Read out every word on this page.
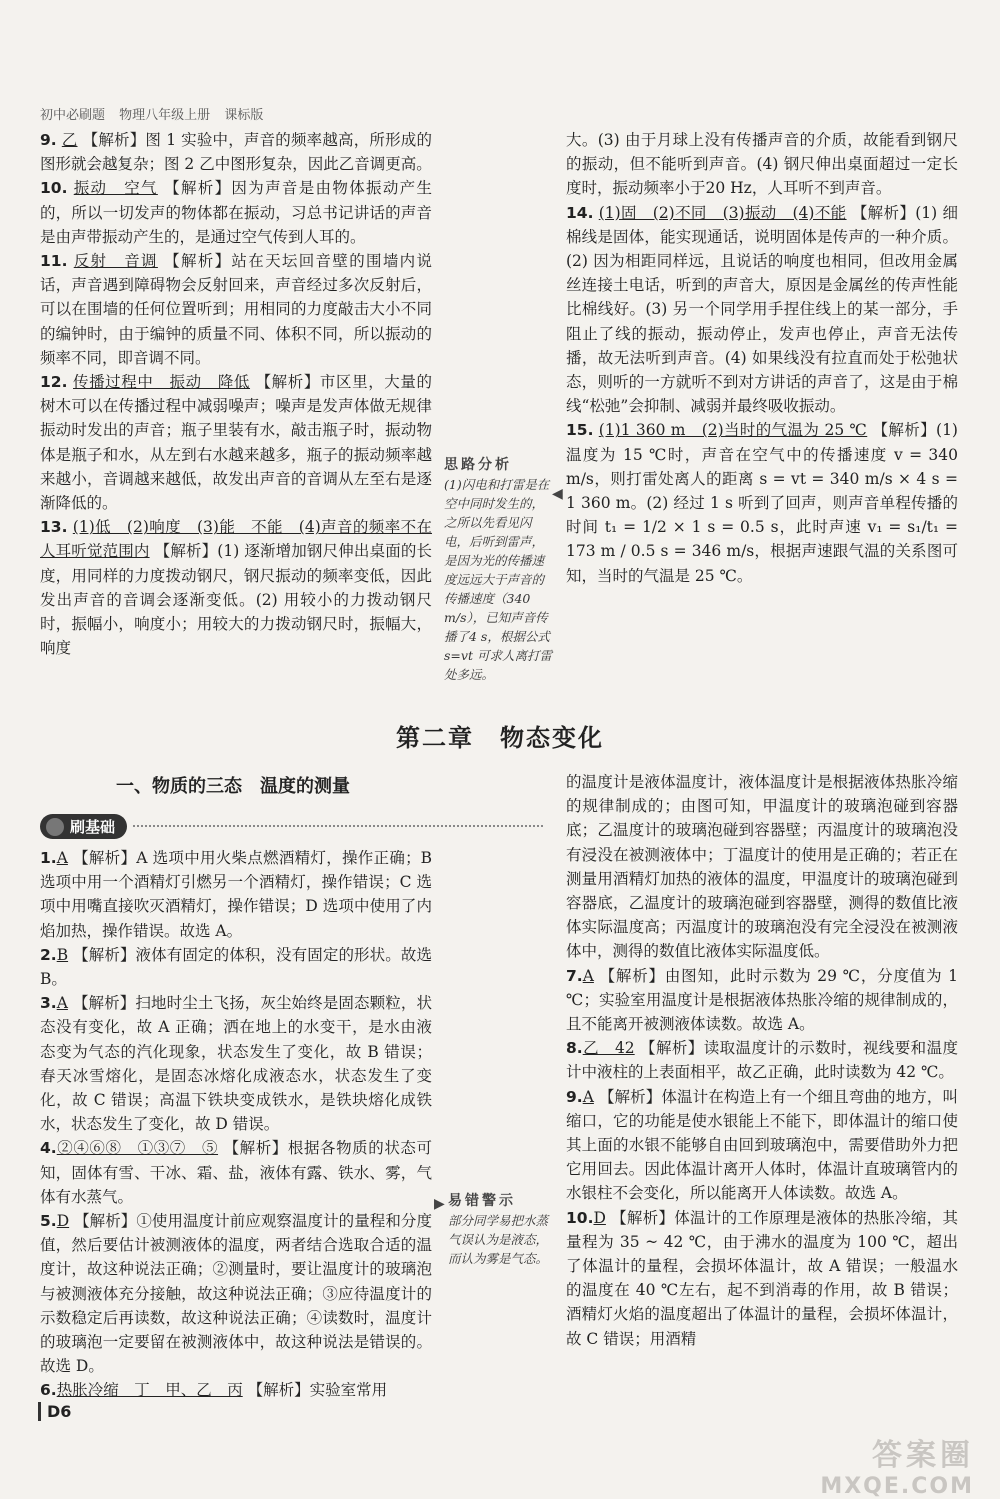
初中必刷题 物理八年级上册 课标版

9. 乙 【解析】图 1 实验中，声音的频率越高，所形成的图形就会越复杂；图 2 乙中图形复杂，因此乙音调更高。

10. 振动　空气 【解析】因为声音是由物体振动产生的，所以一切发声的物体都在振动，习总书记讲话的声音是由声带振动产生的，是通过空气传到人耳的。

11. 反射　音调 【解析】站在天坛回音壁的围墙内说话，声音遇到障碍物会反射回来，声音经过多次反射后，可以在围墙的任何位置听到；用相同的力度敲击大小不同的编钟时，由于编钟的质量不同、体积不同，所以振动的频率不同，即音调不同。

12. 传播过程中　振动　降低 【解析】市区里，大量的树木可以在传播过程中减弱噪声；噪声是发声体做无规律振动时发出的声音；瓶子里装有水，敲击瓶子时，振动物体是瓶子和水，从左到右水越来越多，瓶子的振动频率越来越小，音调越来越低，故发出声音的音调从左至右是逐渐降低的。

13. (1)低　(2)响度　(3)能　不能　(4)声音的频率不在人耳听觉范围内 【解析】(1) 逐渐增加钢尺伸出桌面的长度，用同样的力度拨动钢尺，钢尺振动的频率变低，因此发出声音的音调会逐渐变低。(2) 用较小的力拨动钢尺时，振幅小，响度小；用较大的力拨动钢尺时，振幅大，响度

思路分析
(1)闪电和打雷是在空中同时发生的，之所以先看见闪电，后听到雷声，是因为光的传播速度远远大于声音的传播速度（340 m/s），已知声音传播了4 s，根据公式 s=vt 可求人离打雷处多远。
◀

大。(3) 由于月球上没有传播声音的介质，故能看到钢尺的振动，但不能听到声音。(4) 钢尺伸出桌面超过一定长度时，振动频率小于20 Hz，人耳听不到声音。

14. (1)固　(2)不同　(3)振动　(4)不能 【解析】(1) 细棉线是固体，能实现通话，说明固体是传声的一种介质。(2) 因为相距同样远，且说话的响度也相同，但改用金属丝连接土电话，听到的声音大，原因是金属丝的传声性能比棉线好。(3) 另一个同学用手捏住线上的某一部分，手阻止了线的振动，振动停止，发声也停止，声音无法传播，故无法听到声音。(4) 如果线没有拉直而处于松弛状态，则听的一方就听不到对方讲话的声音了，这是由于棉线“松弛”会抑制、减弱并最终吸收振动。

15. (1)1 360 m　(2)当时的气温为 25 ℃ 【解析】(1) 温度为 15 ℃时，声音在空气中的传播速度 v = 340 m/s，则打雷处离人的距离 s = vt = 340 m/s × 4 s = 1 360 m。(2) 经过 1 s 听到了回声，则声音单程传播的时间 t₁ = 1/2 × 1 s = 0.5 s，此时声速 v₁ = s₁/t₁ = 173 m / 0.5 s = 346 m/s，根据声速跟气温的关系图可知，当时的气温是 25 ℃。

第二章　物态变化
一、物质的三态　温度的测量
刷基础

1.A 【解析】A 选项中用火柴点燃酒精灯，操作正确；B 选项中用一个酒精灯引燃另一个酒精灯，操作错误；C 选项中用嘴直接吹灭酒精灯，操作错误；D 选项中使用了内焰加热，操作错误。故选 A。

2.B 【解析】液体有固定的体积，没有固定的形状。故选 B。

3.A 【解析】扫地时尘土飞扬，灰尘始终是固态颗粒，状态没有变化，故 A 正确；洒在地上的水变干，是水由液态变为气态的汽化现象，状态发生了变化，故 B 错误；春天冰雪熔化，是固态冰熔化成液态水，状态发生了变化，故 C 错误；高温下铁块变成铁水，是铁块熔化成铁水，状态发生了变化，故 D 错误。

4.②④⑥⑧　①③⑦　⑤ 【解析】根据各物质的状态可知，固体有雪、干冰、霜、盐，液体有露、铁水、雾，气体有水蒸气。

5.D 【解析】①使用温度计前应观察温度计的量程和分度值，然后要估计被测液体的温度，两者结合选取合适的温度计，故这种说法正确；②测量时，要让温度计的玻璃泡与被测液体充分接触，故这种说法正确；③应待温度计的示数稳定后再读数，故这种说法正确；④读数时，温度计的玻璃泡一定要留在被测液体中，故这种说法是错误的。故选 D。

6.热胀冷缩　丁　甲、乙　丙 【解析】实验室常用

▶ 易错警示
部分同学易把水蒸气误认为是液态，而认为雾是气态。

的温度计是液体温度计，液体温度计是根据液体热胀冷缩的规律制成的；由图可知，甲温度计的玻璃泡碰到容器底；乙温度计的玻璃泡碰到容器壁；丙温度计的玻璃泡没有浸没在被测液体中；丁温度计的使用是正确的；若正在测量用酒精灯加热的液体的温度，甲温度计的玻璃泡碰到容器底，乙温度计的玻璃泡碰到容器壁，测得的数值比液体实际温度高；丙温度计的玻璃泡没有完全浸没在被测液体中，测得的数值比液体实际温度低。

7.A 【解析】由图知，此时示数为 29 ℃，分度值为 1 ℃；实验室用温度计是根据液体热胀冷缩的规律制成的，且不能离开被测液体读数。故选 A。

8.乙　42 【解析】读取温度计的示数时，视线要和温度计中液柱的上表面相平，故乙正确，此时读数为 42 ℃。

9.A 【解析】体温计在构造上有一个细且弯曲的地方，叫缩口，它的功能是使水银能上不能下，即体温计的缩口使其上面的水银不能够自由回到玻璃泡中，需要借助外力把它用回去。因此体温计离开人体时，体温计直玻璃管内的水银柱不会变化，所以能离开人体读数。故选 A。

10.D 【解析】体温计的工作原理是液体的热胀冷缩，其量程为 35 ~ 42 ℃，由于沸水的温度为 100 ℃，超出了体温计的量程，会损坏体温计，故 A 错误；一般温水的温度在 40 ℃左右，起不到消毒的作用，故 B 错误；酒精灯火焰的温度超出了体温计的量程，会损坏体温计，故 C 错误；用酒精

D6
答案圈
MXQE.COM
